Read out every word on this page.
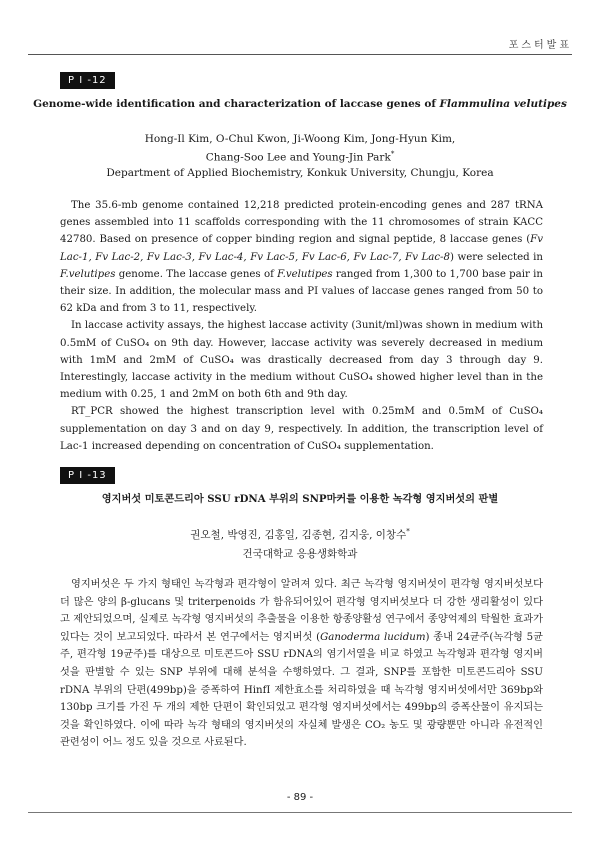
포스터발표
P I -12
Genome-wide identification and characterization of laccase genes of Flammulina velutipes
Hong-Il Kim, O-Chul Kwon, Ji-Woong Kim, Jong-Hyun Kim,
Chang-Soo Lee and Young-Jin Park*
Department of Applied Biochemistry, Konkuk University, Chungju, Korea

The 35.6-mb genome contained 12,218 predicted protein-encoding genes and 287 tRNA genes assembled into 11 scaffolds corresponding with the 11 chromosomes of strain KACC 42780. Based on presence of copper binding region and signal peptide, 8 laccase genes (Fv Lac-1, Fv Lac-2, Fv Lac-3, Fv Lac-4, Fv Lac-5, Fv Lac-6, Fv Lac-7, Fv Lac-8) were selected in F.velutipes genome. The laccase genes of F.velutipes ranged from 1,300 to 1,700 base pair in their size. In addition, the molecular mass and PI values of laccase genes ranged from 50 to 62 kDa and from 3 to 11, respectively.

In laccase activity assays, the highest laccase activity (3unit/ml)was shown in medium with 0.5mM of CuSO₄ on 9th day. However, laccase activity was severely decreased in medium with 1mM and 2mM of CuSO₄ was drastically decreased from day 3 through day 9. Interestingly, laccase activity in the medium without CuSO₄ showed higher level than in the medium with 0.25, 1 and 2mM on both 6th and 9th day.

RT_PCR showed the highest transcription level with 0.25mM and 0.5mM of CuSO₄ supplementation on day 3 and on day 9, respectively. In addition, the transcription level of Lac-1 increased depending on concentration of CuSO₄ supplementation.

P I -13
영지버섯 미토콘드리아 SSU rDNA 부위의 SNP마커를 이용한 녹각형 영지버섯의 판별
권오철, 박영진, 김홍일, 김종현, 김지웅, 이창수*
건국대학교 응용생화학과

영지버섯은 두 가지 형태인 녹각형과 편각형이 알려져 있다. 최근 녹각형 영지버섯이 편각형 영지버섯보다 더 많은 양의 β-glucans 및 triterpenoids 가 함유되어있어 편각형 영지버섯보다 더 강한 생리활성이 있다고 제안되었으며, 실제로 녹각형 영지버섯의 추출물을 이용한 항종양활성 연구에서 종양억제의 탁월한 효과가 있다는 것이 보고되었다. 따라서 본 연구에서는 영지버섯 (Ganoderma lucidum) 종내 24균주(녹각형 5균주, 편각형 19균주)를 대상으로 미토콘드아 SSU rDNA의 염기서열을 비교 하였고 녹각형과 편각형 영지버섯을 판별할 수 있는 SNP 부위에 대해 분석을 수행하였다. 그 결과, SNP를 포함한 미토콘드리아 SSU rDNA 부위의 단편(499bp)을 증폭하여 HinfI 제한효소를 처리하였을 때 녹각형 영지버섯에서만 369bp와 130bp 크기를 가진 두 개의 제한 단편이 확인되었고 편각형 영지버섯에서는 499bp의 증폭산물이 유지되는 것을 확인하였다. 이에 따라 녹각 형태의 영지버섯의 자실체 발생은 CO₂ 농도 및 광량뿐만 아니라 유전적인 관련성이 어느 정도 있을 것으로 사료된다.

- 89 -
